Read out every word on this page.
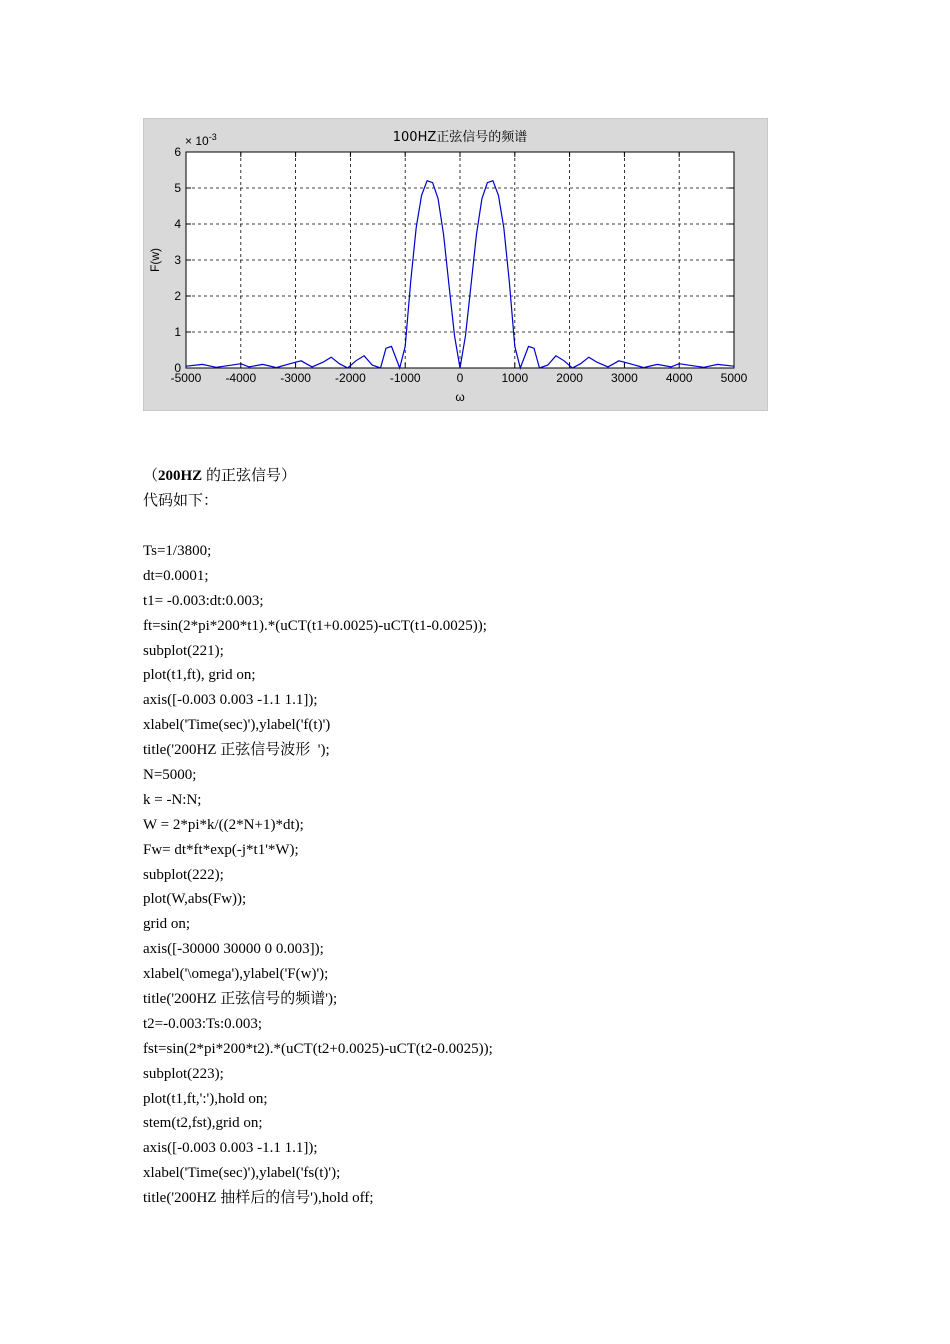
-5000 -4000 -3000 -2000 -1000	0	1000 2000 3000 4000 5000
0
1
2
3
4
5
6
100HZ正弦信号的频谱
× $10^{-3}$
F(w)
ω
（200HZ 的正弦信号）
代码如下：
Ts=1/3800;
dt=0.0001;
t1= -0.003:dt:0.003;
ft=sin(2*pi*200*t1).*(uCT(t1+0.0025)-uCT(t1-0.0025));
subplot(221);
plot(t1,ft), grid on;
axis([-0.003 0.003 -1.1 1.1]);
xlabel('Time(sec)'),ylabel('f(t)')
title('200HZ 正弦信号波形  ');
N=5000;
k = -N:N;
W = 2*pi*k/((2*N+1)*dt);
Fw= dt*ft*exp(-j*t1'*W);
subplot(222);
plot(W,abs(Fw));
grid on;
axis([-30000 30000 0 0.003]);
xlabel('\omega'),ylabel('F(w)');
title('200HZ 正弦信号的频谱');
t2=-0.003:Ts:0.003;
fst=sin(2*pi*200*t2).*(uCT(t2+0.0025)-uCT(t2-0.0025));
subplot(223);
plot(t1,ft,':'),hold on;
stem(t2,fst),grid on;
axis([-0.003 0.003 -1.1 1.1]);
xlabel('Time(sec)'),ylabel('fs(t)');
title('200HZ 抽样后的信号'),hold off;
